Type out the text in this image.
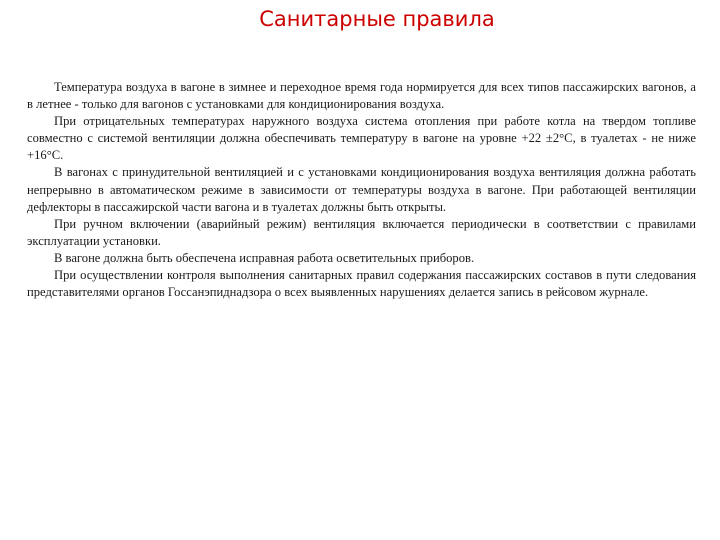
Санитарные правила

Температура воздуха в вагоне в зимнее и переходное время года нормируется для всех типов пассажирских вагонов, а в летнее - только для вагонов с установками для кондиционирования воздуха.

При отрицательных температурах наружного воздуха система отопления при работе котла на твердом топливе совместно с системой вентиляции должна обеспечивать температуру в вагоне на уровне +22 ±2°С, в туалетах - не ниже +16°С.

В вагонах с принудительной вентиляцией и с установками кондиционирования воздуха вентиляция должна работать непрерывно в автоматическом режиме в зависимости от температуры воздуха в вагоне. При работающей вентиляции дефлекторы в пассажирской части вагона и в туалетах должны быть открыты.

При ручном включении (аварийный режим) вентиляция включается периодически в соответствии с правилами эксплуатации установки.

В вагоне должна быть обеспечена исправная работа осветительных приборов.

При осуществлении контроля выполнения санитарных правил содержания пассажирских составов в пути следования представителями органов Госсанэпиднадзора о всех выявленных нарушениях делается запись в рейсовом журнале.
